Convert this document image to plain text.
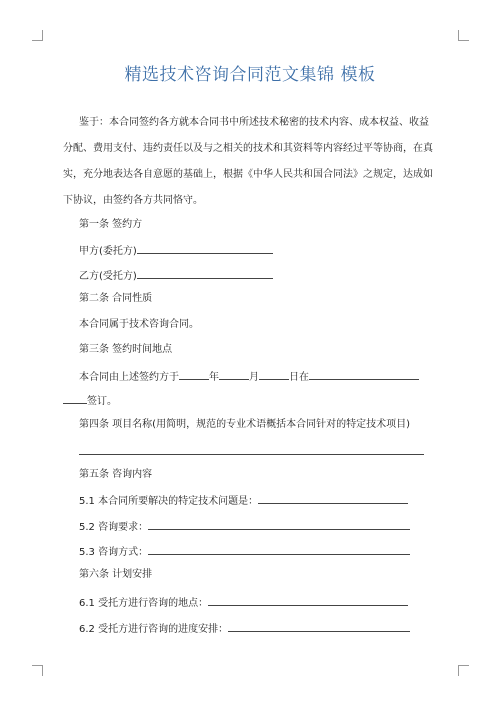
精选技术咨询合同范文集锦 模板
鉴于：本合同签约各方就本合同书中所述技术秘密的技术内容、成本权益、收益
分配、费用支付、违约责任以及与之相关的技术和其资料等内容经过平等协商，在真
实，充分地表达各自意愿的基础上，根据《中华人民共和国合同法》之规定，达成如
下协议，由签约各方共同恪守。
第一条 签约方
甲方(委托方)
乙方(受托方)
第二条 合同性质
本合同属于技术咨询合同。
第三条 签约时间地点
本合同由上述签约方于	年	月	日在
签订。
第四条 项目名称(用简明，规范的专业术语概括本合同针对的特定技术项目)
第五条 咨询内容
5.1 本合同所要解决的特定技术问题是：
5.2 咨询要求：
5.3 咨询方式：
第六条 计划安排
6.1 受托方进行咨询的地点：
6.2 受托方进行咨询的进度安排：
